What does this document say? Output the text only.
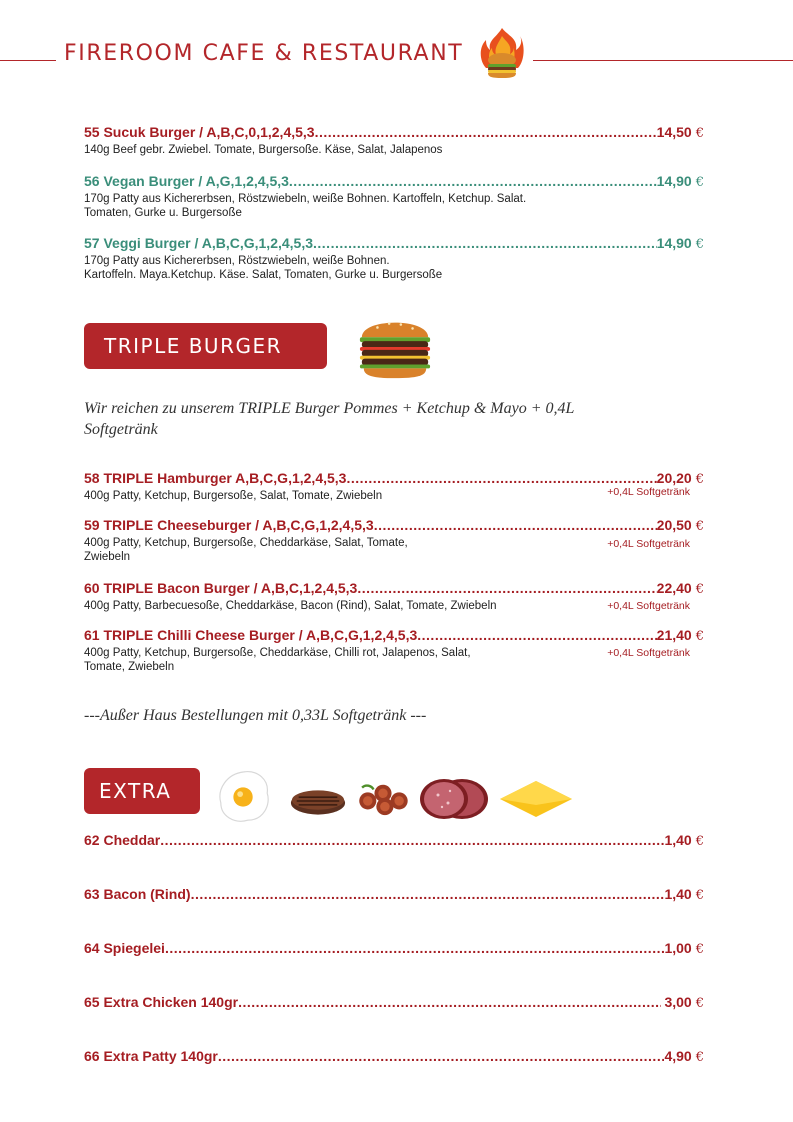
FIREROOM CAFE & RESTAURANT
55 Sucuk Burger / A,B,C,0,1,2,4,5,3 .....	14,50 €
140g Beef gebr. Zwiebel. Tomate, Burgersoße. Käse, Salat, Jalapenos
56 Vegan Burger / A,G,1,2,4,5,3 .....	14,90 €
170g Patty aus Kichererbsen, Röstzwiebeln, weiße Bohnen. Kartoffeln, Ketchup. Salat.
Tomaten, Gurke u. Burgersoße
57 Veggi Burger / A,B,C,G,1,2,4,5,3 .....	14,90 €
170g Patty aus Kichererbsen, Röstzwiebeln, weiße Bohnen.
Kartoffeln. Maya.Ketchup. Käse. Salat, Tomaten, Gurke u. Burgersoße
TRIPLE BURGER
Wir reichen zu unserem TRIPLE Burger Pommes + Ketchup & Mayo + 0,4L
Softgetränk
58 TRIPLE Hamburger A,B,C,G,1,2,4,5,3 .....	20,20 €
400g Patty, Ketchup, Burgersoße, Salat, Tomate, Zwiebeln	+0,4L Softgetränk
59 TRIPLE Cheeseburger / A,B,C,G,1,2,4,5,3 .....	20,50 €
400g Patty, Ketchup, Burgersoße, Cheddarkäse, Salat, Tomate,
Zwiebeln
+0,4L Softgetränk
60 TRIPLE Bacon Burger / A,B,C,1,2,4,5,3 .....	22,40 €
400g Patty, Barbecuesoße, Cheddarkäse, Bacon (Rind), Salat, Tomate, Zwiebeln	+0,4L Softgetränk
61 TRIPLE Chilli Cheese Burger / A,B,C,G,1,2,4,5,3 .....	21,40 €
400g Patty, Ketchup, Burgersoße, Cheddarkäse, Chilli rot, Jalapenos, Salat,
Tomate, Zwiebeln
+0,4L Softgetränk
---Außer Haus Bestellungen mit 0,33L Softgetränk ---
EXTRA
62 Cheddar .....	1,40 €
63 Bacon (Rind) .....	1,40 €
64 Spiegelei .....	1,00 €
65 Extra Chicken 140gr .....	3,00 €
66 Extra Patty 140gr .....	4,90 €
